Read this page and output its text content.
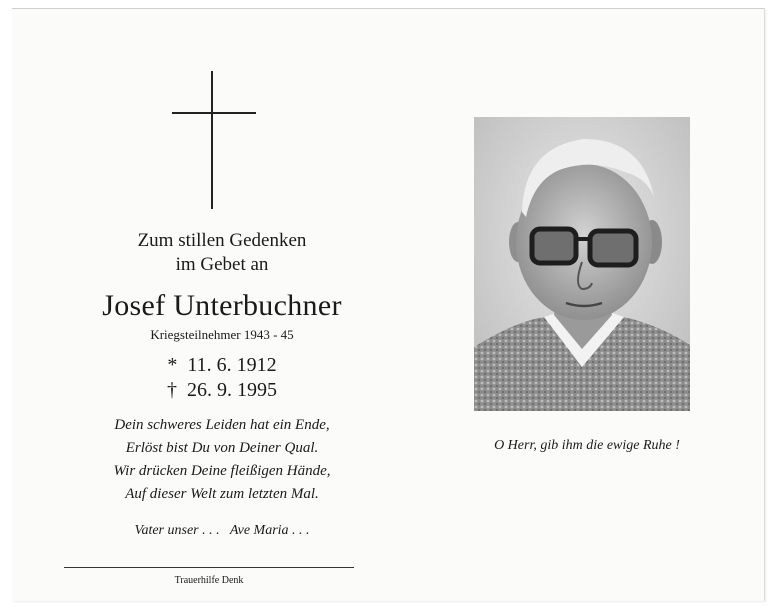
Zum stillen Gedenken
im Gebet an
Josef Unterbuchner
Kriegsteilnehmer 1943 - 45
* 11. 6. 1912
† 26. 9. 1995
Dein schweres Leiden hat ein Ende,
Erlöst bist Du von Deiner Qual.
Wir drücken Deine fleißigen Hände,
Auf dieser Welt zum letzten Mal.
Vater unser . . .   Ave Maria . . .
Trauerhilfe Denk
O Herr, gib ihm die ewige Ruhe !
